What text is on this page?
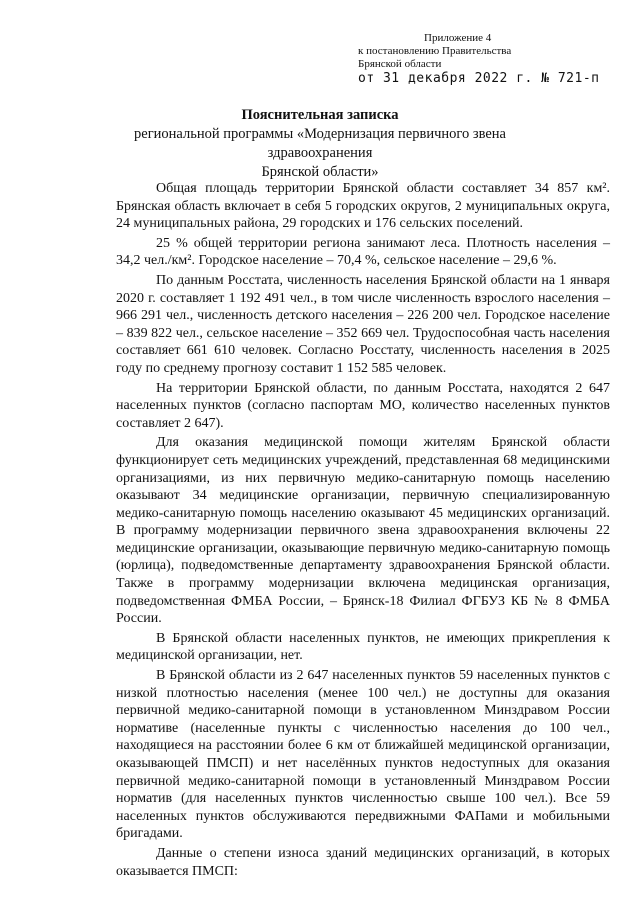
Приложение 4
к постановлению Правительства
Брянской области
от 31 декабря 2022 г. № 721-п
Пояснительная записка
региональной программы «Модернизация первичного звена здравоохранения
Брянской области»

Общая площадь территории Брянской области составляет 34 857 км². Брянская область включает в себя 5 городских округов, 2 муниципальных округа, 24 муниципальных района, 29 городских и 176 сельских поселений.

25 % общей территории региона занимают леса. Плотность населения – 34,2 чел./км². Городское население – 70,4 %, сельское население – 29,6 %.

По данным Росстата, численность населения Брянской области на 1 января 2020 г. составляет 1 192 491 чел., в том числе численность взрослого населения – 966 291 чел., численность детского населения – 226 200 чел. Городское население – 839 822 чел., сельское население – 352 669 чел. Трудоспособная часть населения составляет 661 610 человек. Согласно Росстату, численность населения в 2025 году по среднему прогнозу составит 1 152 585 человек.

На территории Брянской области, по данным Росстата, находятся 2 647 населенных пунктов (согласно паспортам МО, количество населенных пунктов составляет 2 647).

Для оказания медицинской помощи жителям Брянской области функционирует сеть медицинских учреждений, представленная 68 медицинскими организациями, из них первичную медико-санитарную помощь населению оказывают 34 медицинские организации, первичную специализированную медико-санитарную помощь населению оказывают 45 медицинских организаций. В программу модернизации первичного звена здравоохранения включены 22 медицинские организации, оказывающие первичную медико-санитарную помощь (юрлица), подведомственные департаменту здравоохранения Брянской области. Также в программу модернизации включена медицинская организация, подведомственная ФМБА России, – Брянск-18 Филиал ФГБУЗ КБ № 8 ФМБА России.

В Брянской области населенных пунктов, не имеющих прикрепления к медицинской организации, нет.

В Брянской области из 2 647 населенных пунктов 59 населенных пунктов с низкой плотностью населения (менее 100 чел.) не доступны для оказания первичной медико-санитарной помощи в установленном Минздравом России нормативе (населенные пункты с численностью населения до 100 чел., находящиеся на расстоянии более 6 км от ближайшей медицинской организации, оказывающей ПМСП) и нет населённых пунктов недоступных для оказания первичной медико-санитарной помощи в установленный Минздравом России норматив (для населенных пунктов численностью свыше 100 чел.). Все 59 населенных пунктов обслуживаются передвижными ФАПами и мобильными бригадами.

Данные о степени износа зданий медицинских организаций, в которых оказывается ПМСП:
